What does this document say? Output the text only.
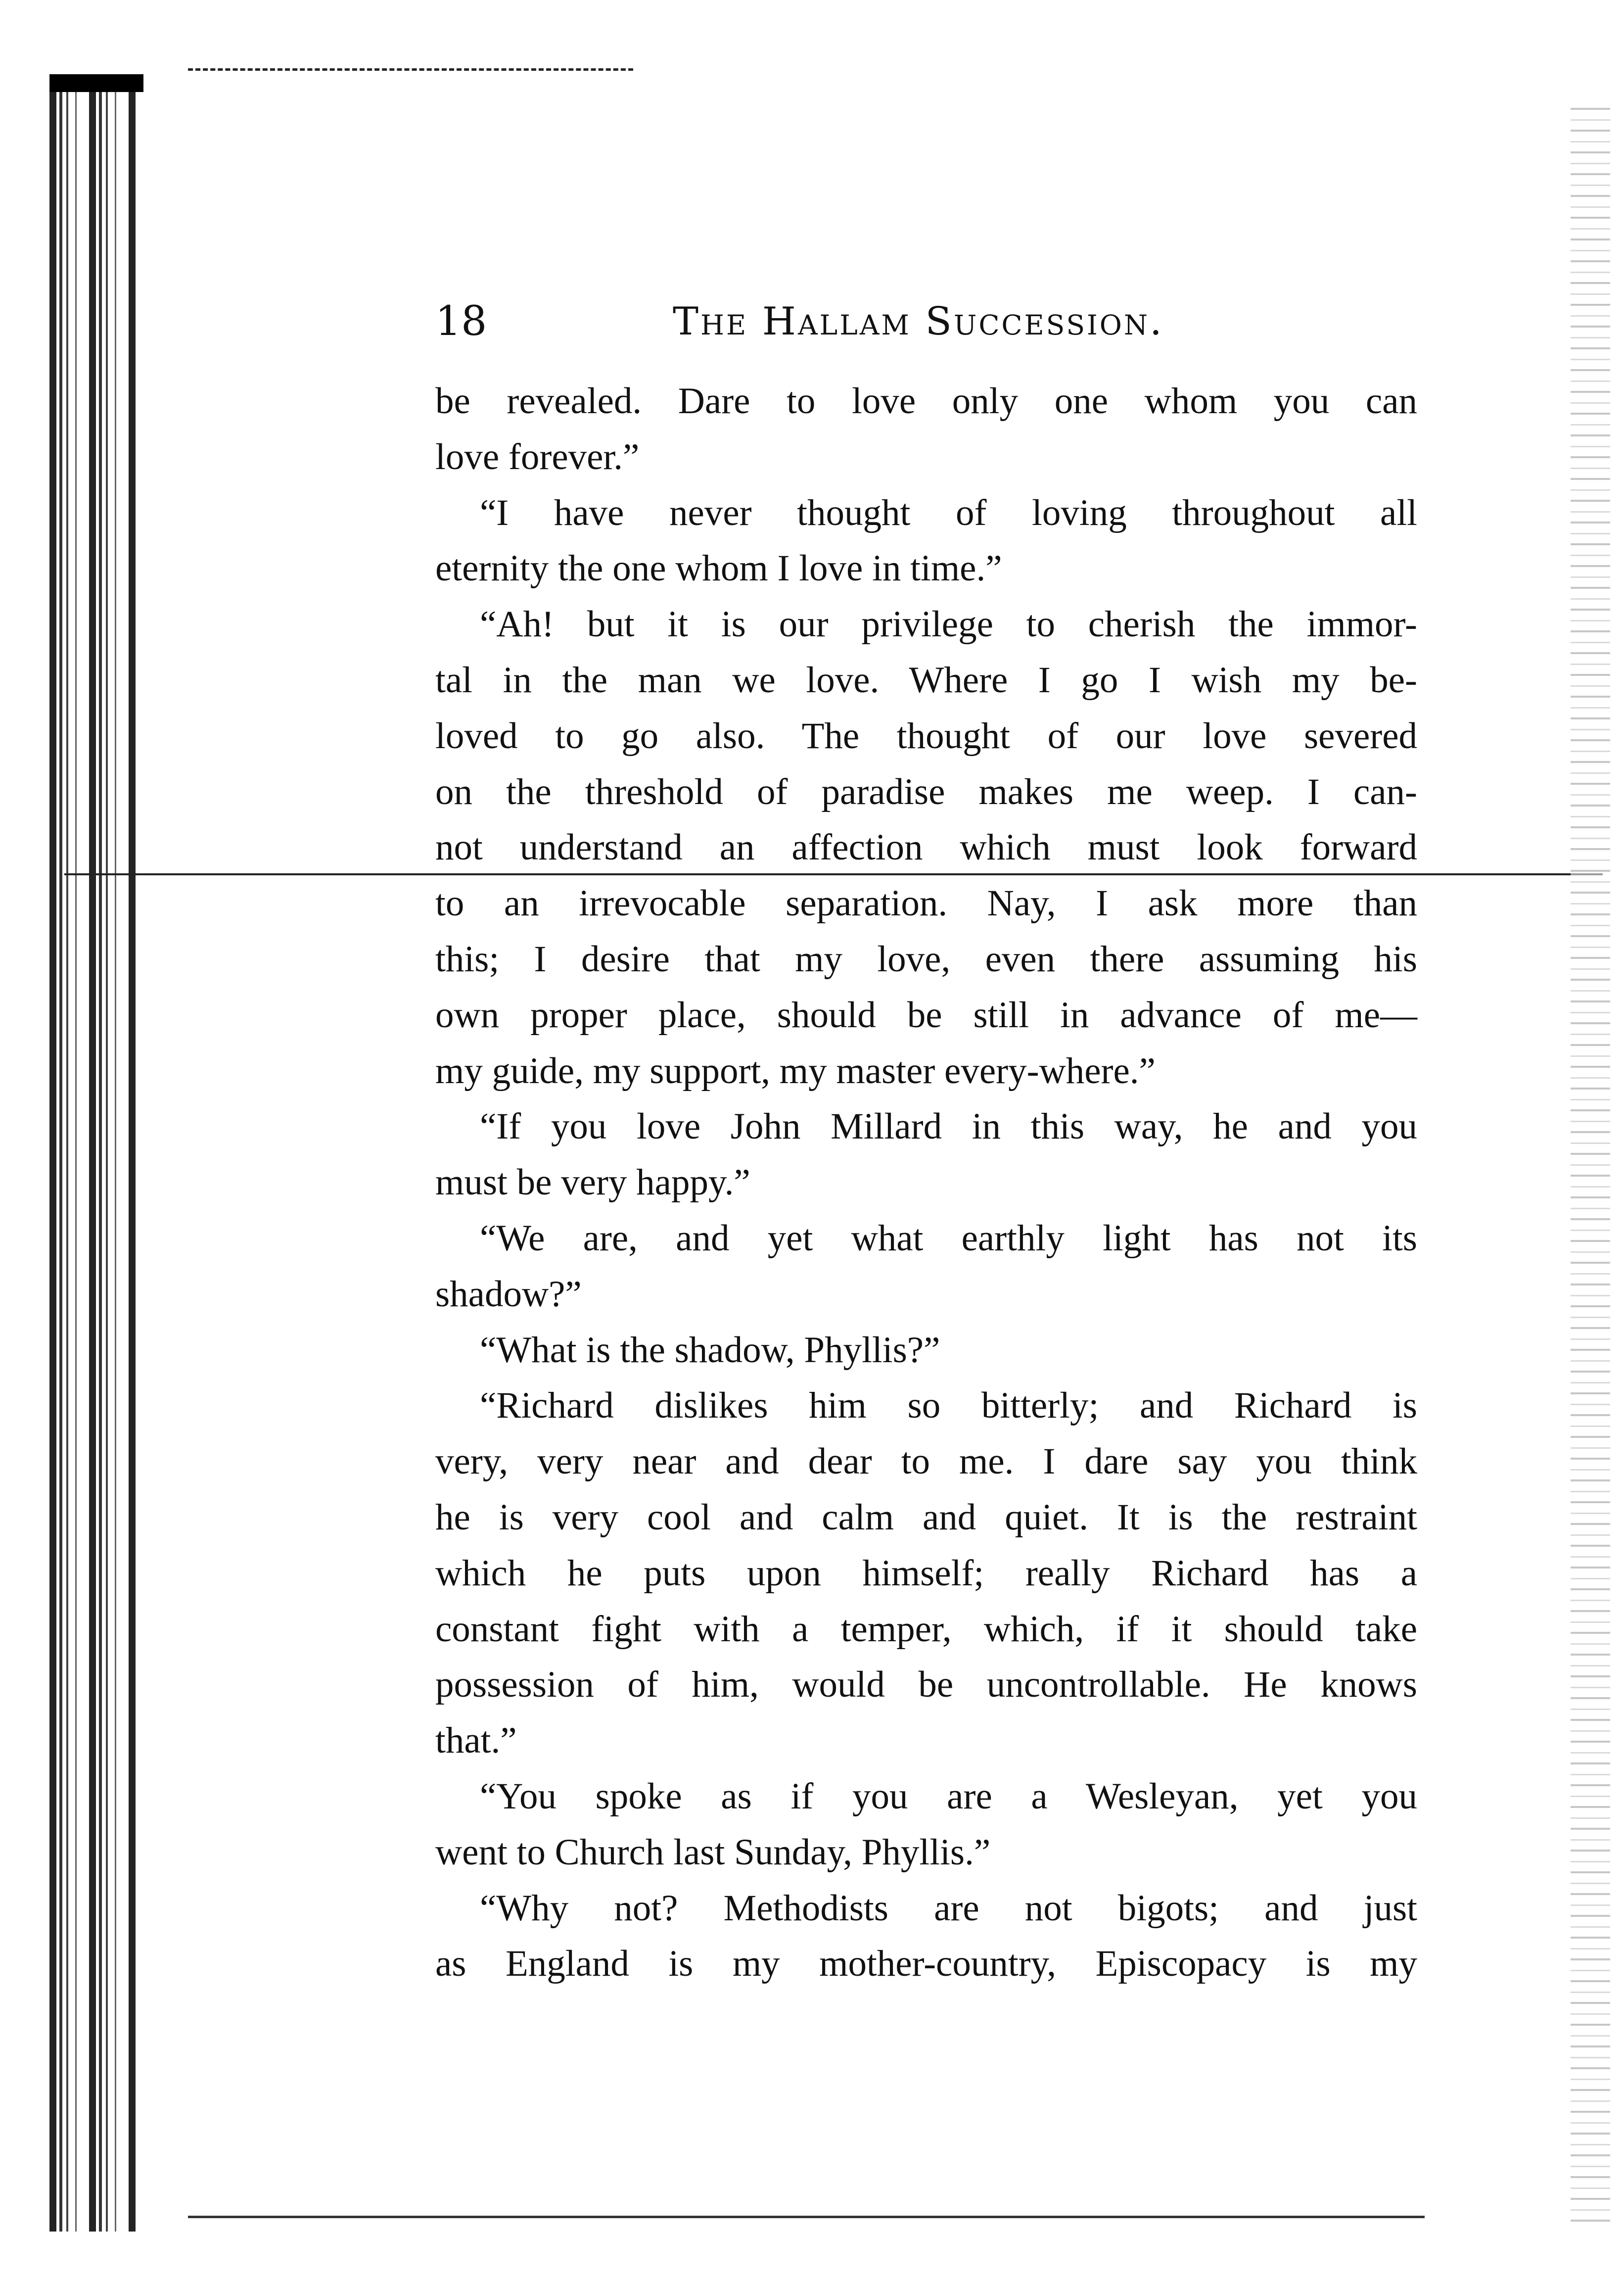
18	The Hallam Succession.
be revealed. Dare to love only one whom you can
love forever.”
“I have never thought of loving throughout all
eternity the one whom I love in time.”
“Ah! but it is our privilege to cherish the immor-
tal in the man we love. Where I go I wish my be-
loved to go also. The thought of our love severed
on the threshold of paradise makes me weep. I can-
not understand an affection which must look forward
to an irrevocable separation. Nay, I ask more than
this; I desire that my love, even there assuming his
own proper place, should be still in advance of me—
my guide, my support, my master every-where.”
“If you love John Millard in this way, he and you
must be very happy.”
“We are, and yet what earthly light has not its
shadow?”
“What is the shadow, Phyllis?”
“Richard dislikes him so bitterly; and Richard is
very, very near and dear to me. I dare say you think
he is very cool and calm and quiet. It is the restraint
which he puts upon himself; really Richard has a
constant fight with a temper, which, if it should take
possession of him, would be uncontrollable. He knows
that.”
“You spoke as if you are a Wesleyan, yet you
went to Church last Sunday, Phyllis.”
“Why not? Methodists are not bigots; and just
as England is my mother-country, Episcopacy is my
